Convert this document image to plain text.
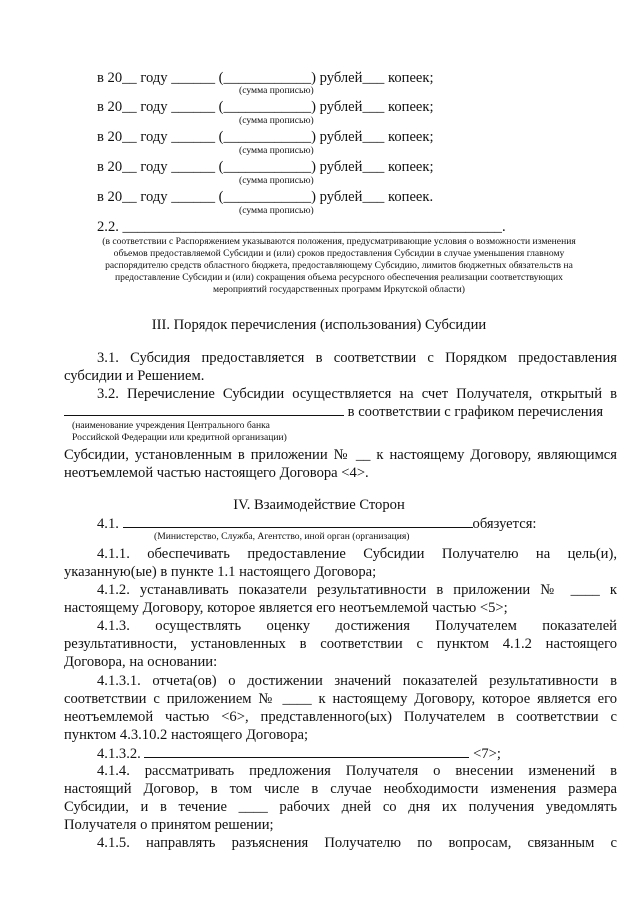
в 20__ году ______ (____________) рублей___ копеек;
(сумма прописью)
в 20__ году ______ (____________) рублей___ копеек;
(сумма прописью)
в 20__ году ______ (____________) рублей___ копеек;
(сумма прописью)
в 20__ году ______ (____________) рублей___ копеек;
(сумма прописью)
в 20__ году ______ (____________) рублей___ копеек.
(сумма прописью)
2.2. ____________________________________________________.
(в соответствии с Распоряжением указываются положения, предусматривающие условия о возможности изменения
объемов предоставляемой Субсидии и (или) сроков предоставления Субсидии в случае уменьшения главному
распорядителю средств областного бюджета, предоставляющему Субсидию, лимитов бюджетных обязательств на
предоставление Субсидии и (или) сокращения объема ресурсного обеспечения реализации соответствующих
мероприятий государственных программ Иркутской области)
III. Порядок перечисления (использования) Субсидии
3.1. Субсидия предоставляется в соответствии с Порядком предоставления
субсидии и Решением.
3.2. Перечисление Субсидии осуществляется на счет Получателя, открытый в
в соответствии с графиком перечисления
(наименование учреждения Центрального банка
Российской Федерации или кредитной организации)
Субсидии, установленным в приложении № __ к настоящему Договору, являющимся
неотъемлемой частью настоящего Договора <4>.
IV. Взаимодействие Сторон
4.1.	обязуется:
(Министерство, Служба, Агентство, иной орган (организация)
4.1.1. обеспечивать предоставление Субсидии Получателю на цель(и),
указанную(ые) в пункте 1.1 настоящего Договора;
4.1.2. устанавливать показатели результативности в приложении № ____ к
настоящему Договору, которое является его неотъемлемой частью <5>;
4.1.3. осуществлять оценку достижения Получателем показателей
результативности, установленных в соответствии с пунктом 4.1.2 настоящего
Договора, на основании:
4.1.3.1. отчета(ов) о достижении значений показателей результативности в
соответствии с приложением № ____ к настоящему Договору, которое является его
неотъемлемой частью <6>, представленного(ых) Получателем в соответствии с
пунктом 4.3.10.2 настоящего Договора;
4.1.3.2.	<7>;
4.1.4. рассматривать предложения Получателя о внесении изменений в
настоящий Договор, в том числе в случае необходимости изменения размера
Субсидии, и в течение ____ рабочих дней со дня их получения уведомлять
Получателя о принятом решении;
4.1.5. направлять разъяснения Получателю по вопросам, связанным с
